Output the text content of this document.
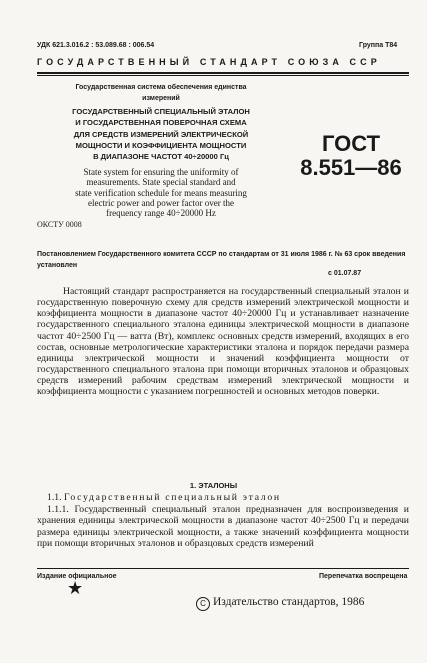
УДК 621.3.016.2 : 53.089.68 : 006.54	Группа Т84
ГОСУДАРСТВЕННЫЙ СТАНДАРТ СОЮЗА ССР
Государственная система обеспечения единства
измерений
ГОСУДАРСТВЕННЫЙ СПЕЦИАЛЬНЫЙ ЭТАЛОН
И ГОСУДАРСТВЕННАЯ ПОВЕРОЧНАЯ СХЕМА
ДЛЯ СРЕДСТВ ИЗМЕРЕНИЙ ЭЛЕКТРИЧЕСКОЙ
МОЩНОСТИ И КОЭФФИЦИЕНТА МОЩНОСТИ
В ДИАПАЗОНЕ ЧАСТОТ 40÷20000 Гц
State system for ensuring the uniformity of
measurements. State special standard and
state verification schedule for means measuring
electric power and power factor over the
frequency range 40÷20000 Hz
ГОСТ
8.551—86
ОКСТУ 0008
Постановлением Государственного комитета СССР по стандартам от 31 июля 1986 г. № 63 срок введения установлен
с 01.07.87

Настоящий стандарт распространяется на государственный специальный эталон и государственную поверочную схему для средств измерений электрической мощности и коэффициента мощности в диапазоне частот 40÷20000 Гц и устанавливает назначение государственного специального эталона единицы электрической мощности в диапазоне частот 40÷2500 Гц — ватта (Вт), комплекс основных средств измерений, входящих в его состав, основные метрологические характеристики эталона и порядок передачи размера единицы электрической мощности и значений коэффициента мощности от государственного специального эталона при помощи вторичных эталонов и образцовых средств измерений рабочим средствам измерений электрической мощности и коэффициента мощности с указанием погрешностей и основных методов поверки.

1. ЭТАЛОНЫ

1.1. Государственный специальный эталон

1.1.1. Государственный специальный эталон предназначен для воспроизведения и хранения единицы электрической мощности в диапазоне частот 40÷2500 Гц и передачи размера единицы электрической мощности, а также значений коэффициента мощности при помощи вторичных эталонов и образцовых средств измерений

Издание официальное	Перепечатка воспрещена
★
C Издательство стандартов, 1986
